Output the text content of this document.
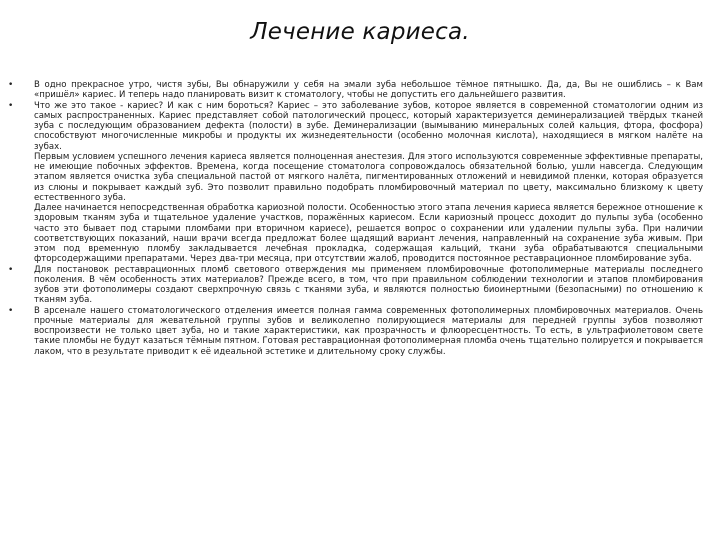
Лечение кариеса.
• В одно прекрасное утро, чистя зубы, Вы обнаружили у себя на эмали зуба небольшое тёмное пятнышко. Да, да, Вы не ошиблись – к Вам «пришёл» кариес. И теперь надо планировать визит к стоматологу, чтобы не допустить его дальнейшего развития.

• Что же это такое - кариес? И как с ним бороться? Кариес – это заболевание зубов, которое является в современной стоматологии одним из самых распространенных. Кариес представляет собой патологический процесс, который характеризуется деминерализацией твёрдых тканей зуба с последующим образованием дефекта (полости) в зубе. Деминерализации (вымыванию минеральных солей кальция, фтора, фосфора) способствуют многочисленные микробы и продукты их жизнедеятельности (особенно молочная кислота), находящиеся в мягком налёте на зубах.
Первым условием успешного лечения кариеса является полноценная анестезия. Для этого используются современные эффективные препараты, не имеющие побочных эффектов. Времена, когда посещение стоматолога сопровождалось обязательной болью, ушли навсегда. Следующим этапом является очистка зуба специальной пастой от мягкого налёта, пигментированных отложений и невидимой пленки, которая образуется из слюны и покрывает каждый зуб. Это позволит правильно подобрать пломбировочный материал по цвету, максимально близкому к цвету естественного зуба.
Далее начинается непосредственная обработка кариозной полости. Особенностью этого этапа лечения кариеса является бережное отношение к здоровым тканям зуба и тщательное удаление участков, поражённых кариесом. Если кариозный процесс доходит до пульпы зуба (особенно часто это бывает под старыми пломбами при вторичном кариесе), решается вопрос о сохранении или удалении пульпы зуба. При наличии соответствующих показаний, наши врачи всегда предложат более щадящий вариант лечения, направленный на сохранение зуба живым. При этом под временную пломбу закладывается лечебная прокладка, содержащая кальций, ткани зуба обрабатываются специальными фторсодержащими препаратами. Через два-три месяца, при отсутствии жалоб, проводится постоянное реставрационное пломбирование зуба.

• Для постановок реставрационных пломб светового отверждения мы применяем пломбировочные фотополимерные материалы последнего поколения. В чём особенность этих материалов? Прежде всего, в том, что при правильном соблюдении технологии и этапов пломбирования зубов эти фотополимеры создают сверхпрочную связь с тканями зуба, и являются полностью биоинертными (безопасными) по отношению к тканям зуба.

• В арсенале нашего стоматологического отделения имеется полная гамма современных фотополимерных пломбировочных материалов. Очень прочные материалы для жевательной группы зубов и великолепно полирующиеся материалы для передней группы зубов позволяют воспроизвести не только цвет зуба, но и такие характеристики, как прозрачность и флюоресцентность. То есть, в ультрафиолетовом свете такие пломбы не будут казаться тёмным пятном. Готовая реставрационная фотополимерная пломба очень тщательно полируется и покрывается лаком, что в результате приводит к её идеальной эстетике и длительному сроку службы.
